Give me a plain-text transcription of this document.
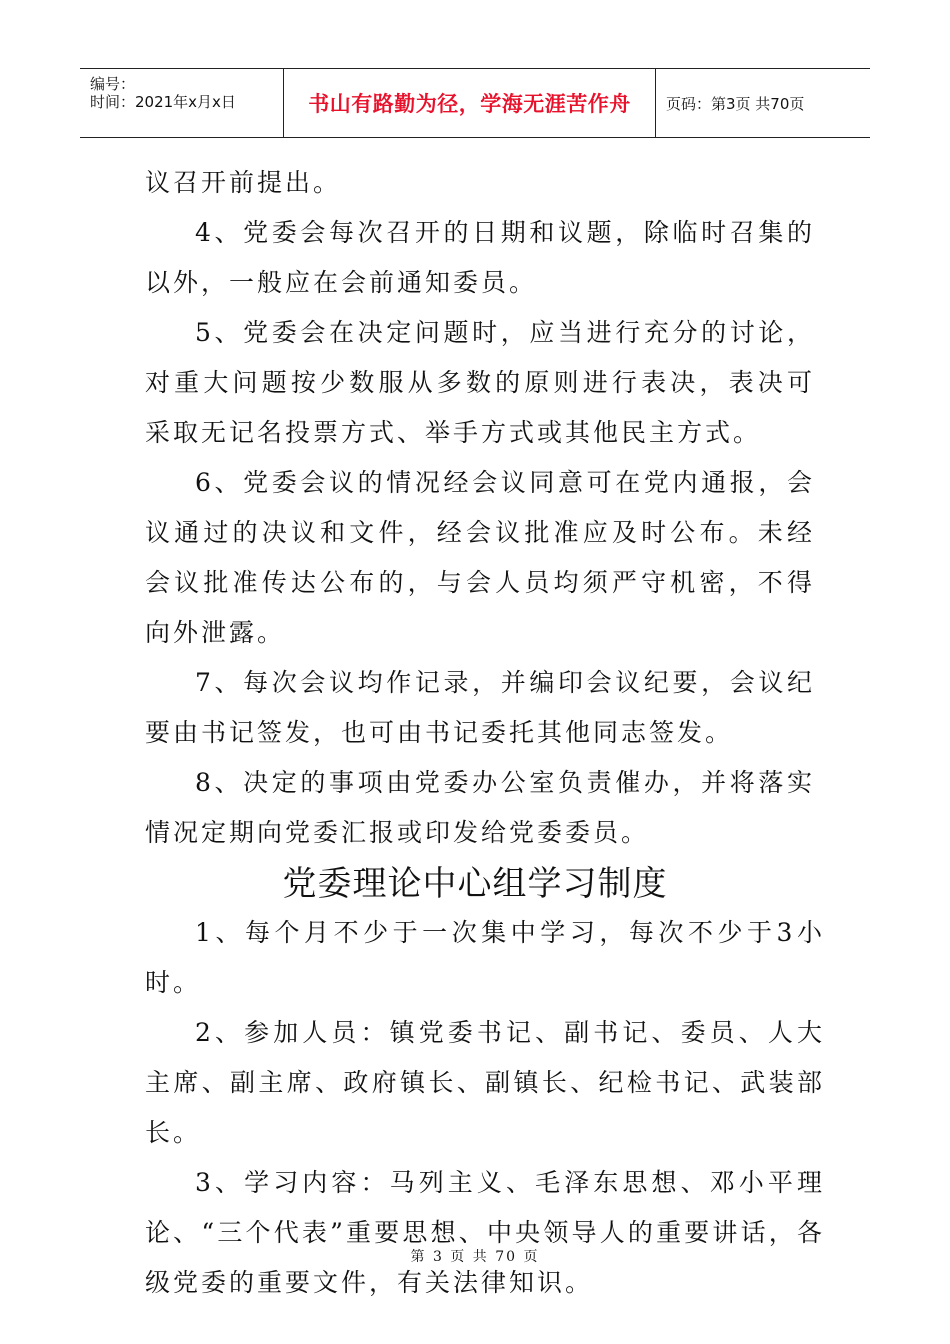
编号：
时间：2021年x月x日	书山有路勤为径，学海无涯苦作舟 页码：第3页 共70页

议召开前提出。

4、党委会每次召开的日期和议题，除临时召集的以外，一般应在会前通知委员。

5、党委会在决定问题时，应当进行充分的讨论，对重大问题按少数服从多数的原则进行表决，表决可采取无记名投票方式、举手方式或其他民主方式。

6、党委会议的情况经会议同意可在党内通报，会议通过的决议和文件，经会议批准应及时公布。未经会议批准传达公布的，与会人员均须严守机密，不得向外泄露。

7、每次会议均作记录，并编印会议纪要，会议纪要由书记签发，也可由书记委托其他同志签发。

8、决定的事项由党委办公室负责催办，并将落实情况定期向党委汇报或印发给党委委员。

党委理论中心组学习制度

1、每个月不少于一次集中学习，每次不少于3小时。

2、参加人员：镇党委书记、副书记、委员、人大主席、副主席、政府镇长、副镇长、纪检书记、武装部长。

3、学习内容：马列主义、毛泽东思想、邓小平理论、“三个代表”重要思想、中央领导人的重要讲话，各级党委的重要文件，有关法律知识。

第 3 页 共 70 页
